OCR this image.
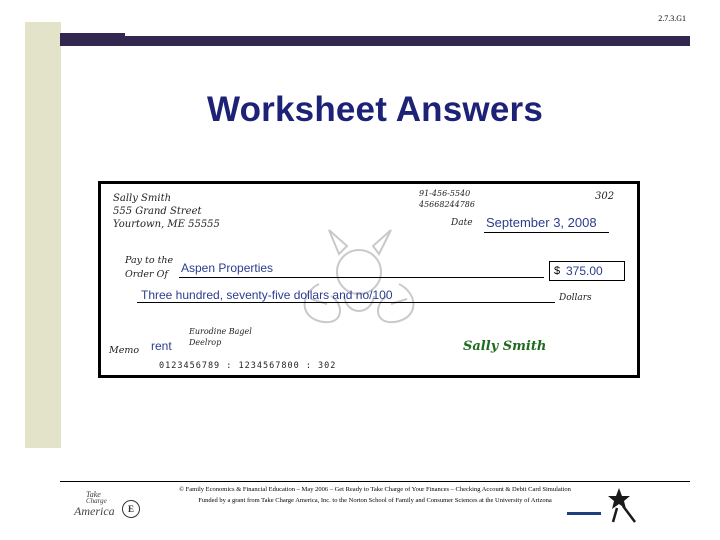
2.7.3.G1
Worksheet Answers
Sally Smith
555 Grand Street
Yourtown, ME 55555
91-456-5540
45668244786
302
Date September 3, 2008
Pay to the
Order Of	Aspen Properties	$ 375.00
Three hundred, seventy-five dollars and no/100	Dollars
Eurodine Bagel
Deelrop
Memo rent	Sally Smith
0123456789 : 1234567800 : 302
© Family Economics & Financial Education – May 2006 – Get Ready to Take Charge of Your Finances – Checking Account & Debit Card Simulation
Funded by a grant from Take Charge America, Inc. to the Norton School of Family and Consumer Sciences at the University of Arizona
Take
Charge
America	E
